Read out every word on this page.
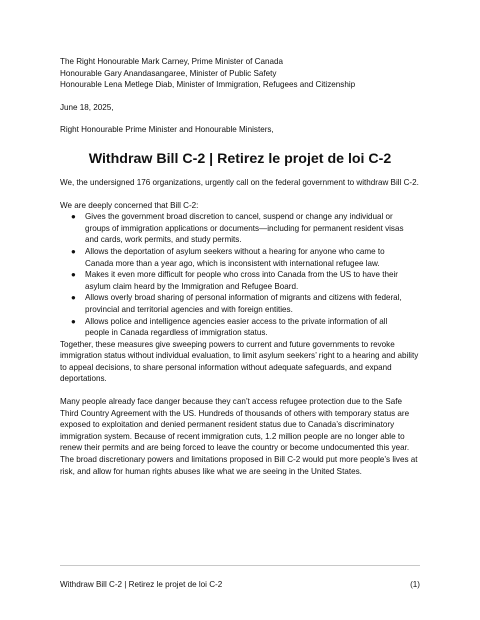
The Right Honourable Mark Carney, Prime Minister of Canada
Honourable Gary Anandasangaree, Minister of Public Safety
Honourable Lena Metlege Diab, Minister of Immigration, Refugees and Citizenship
June 18, 2025,
Right Honourable Prime Minister and Honourable Ministers,
Withdraw Bill C-2 | Retirez le projet de loi C-2

We, the undersigned 176 organizations, urgently call on the federal government to withdraw Bill C-2.

We are deeply concerned that Bill C-2:

● Gives the government broad discretion to cancel, suspend or change any individual or groups of immigration applications or documents—including for permanent resident visas and cards, work permits, and study permits.
● Allows the deportation of asylum seekers without a hearing for anyone who came to Canada more than a year ago, which is inconsistent with international refugee law.
● Makes it even more difficult for people who cross into Canada from the US to have their asylum claim heard by the Immigration and Refugee Board.
● Allows overly broad sharing of personal information of migrants and citizens with federal, provincial and territorial agencies and with foreign entities.
● Allows police and intelligence agencies easier access to the private information of all people in Canada regardless of immigration status.

Together, these measures give sweeping powers to current and future governments to revoke immigration status without individual evaluation, to limit asylum seekers’ right to a hearing and ability to appeal decisions, to share personal information without adequate safeguards, and expand deportations.

Many people already face danger because they can’t access refugee protection due to the Safe Third Country Agreement with the US. Hundreds of thousands of others with temporary status are exposed to exploitation and denied permanent resident status due to Canada’s discriminatory immigration system. Because of recent immigration cuts, 1.2 million people are no longer able to renew their permits and are being forced to leave the country or become undocumented this year. The broad discretionary powers and limitations proposed in Bill C-2 would put more people’s lives at risk, and allow for human rights abuses like what we are seeing in the United States.

Withdraw Bill C-2 | Retirez le projet de loi C-2	(1)
